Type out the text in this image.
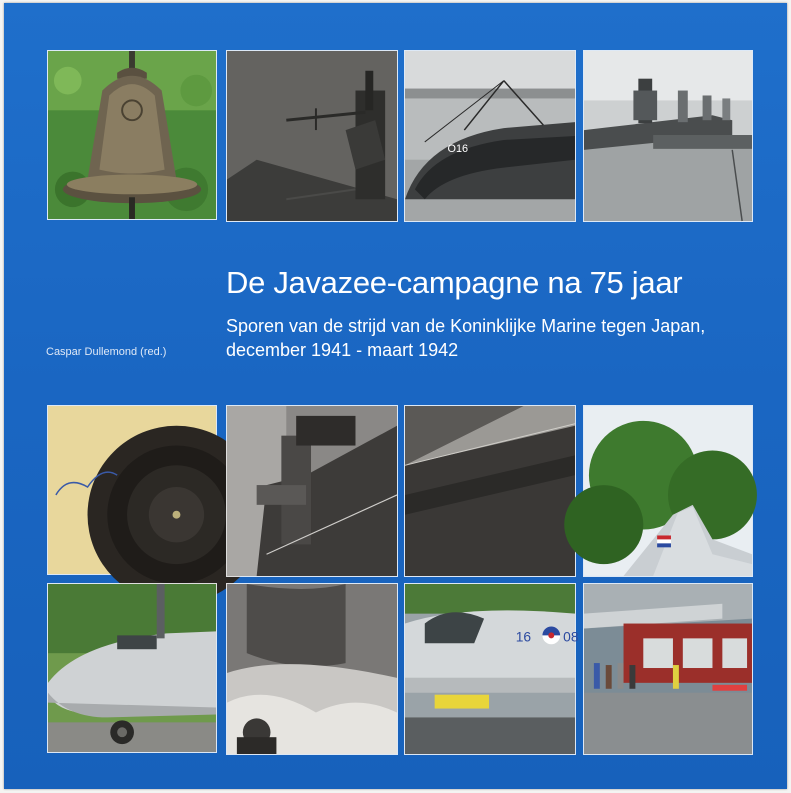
O16
De Javazee-campagne na 75 jaar
Sporen van de strijd van de Koninklijke Marine tegen Japan,
december 1941 - maart 1942
Caspar Dullemond (red.)
16 08
